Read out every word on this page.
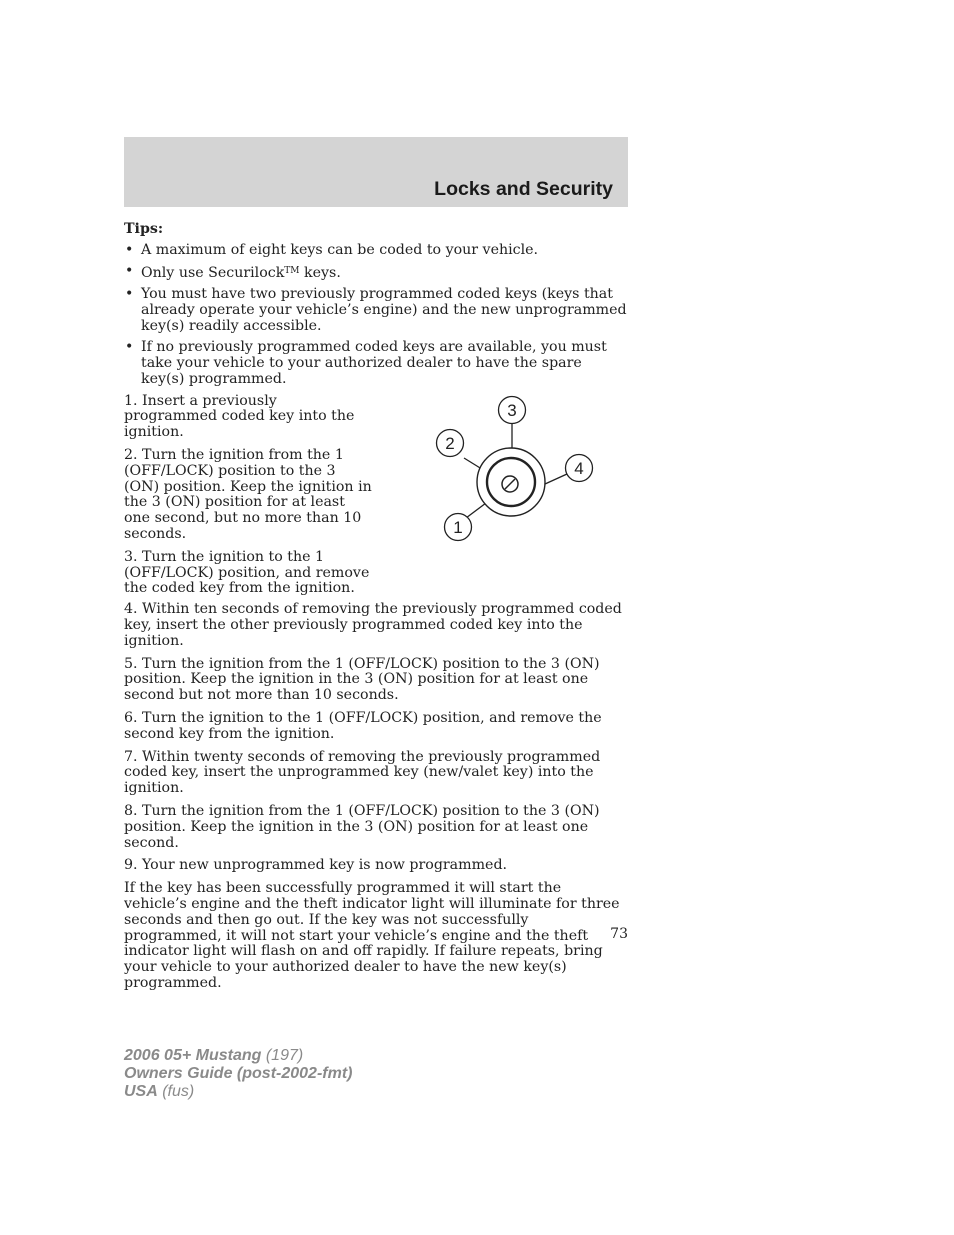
Locks and Security
Tips:
• A maximum of eight keys can be coded to your vehicle.
• Only use Securilock™ keys.
• You must have two previously programmed coded keys (keys that already operate your vehicle’s engine) and the new unprogrammed key(s) readily accessible.
• If no previously programmed coded keys are available, you must take your vehicle to your authorized dealer to have the spare key(s) programmed.
3
2
4
1
1. Insert a previously programmed coded key into the ignition.
2. Turn the ignition from the 1 (OFF/LOCK) position to the 3 (ON) position. Keep the ignition in the 3 (ON) position for at least one second, but no more than 10 seconds.
3. Turn the ignition to the 1 (OFF/LOCK) position, and remove the coded key from the ignition.
4. Within ten seconds of removing the previously programmed coded key, insert the other previously programmed coded key into the ignition.
5. Turn the ignition from the 1 (OFF/LOCK) position to the 3 (ON) position. Keep the ignition in the 3 (ON) position for at least one second but not more than 10 seconds.
6. Turn the ignition to the 1 (OFF/LOCK) position, and remove the second key from the ignition.
7. Within twenty seconds of removing the previously programmed coded key, insert the unprogrammed key (new/valet key) into the ignition.
8. Turn the ignition from the 1 (OFF/LOCK) position to the 3 (ON) position. Keep the ignition in the 3 (ON) position for at least one second.
9. Your new unprogrammed key is now programmed.
If the key has been successfully programmed it will start the vehicle’s engine and the theft indicator light will illuminate for three seconds and then go out. If the key was not successfully programmed, it will not start your vehicle’s engine and the theft indicator light will flash on and off rapidly. If failure repeats, bring your vehicle to your authorized dealer to have the new key(s) programmed.
73
2006 05+ Mustang (197)
Owners Guide (post-2002-fmt)
USA (fus)
